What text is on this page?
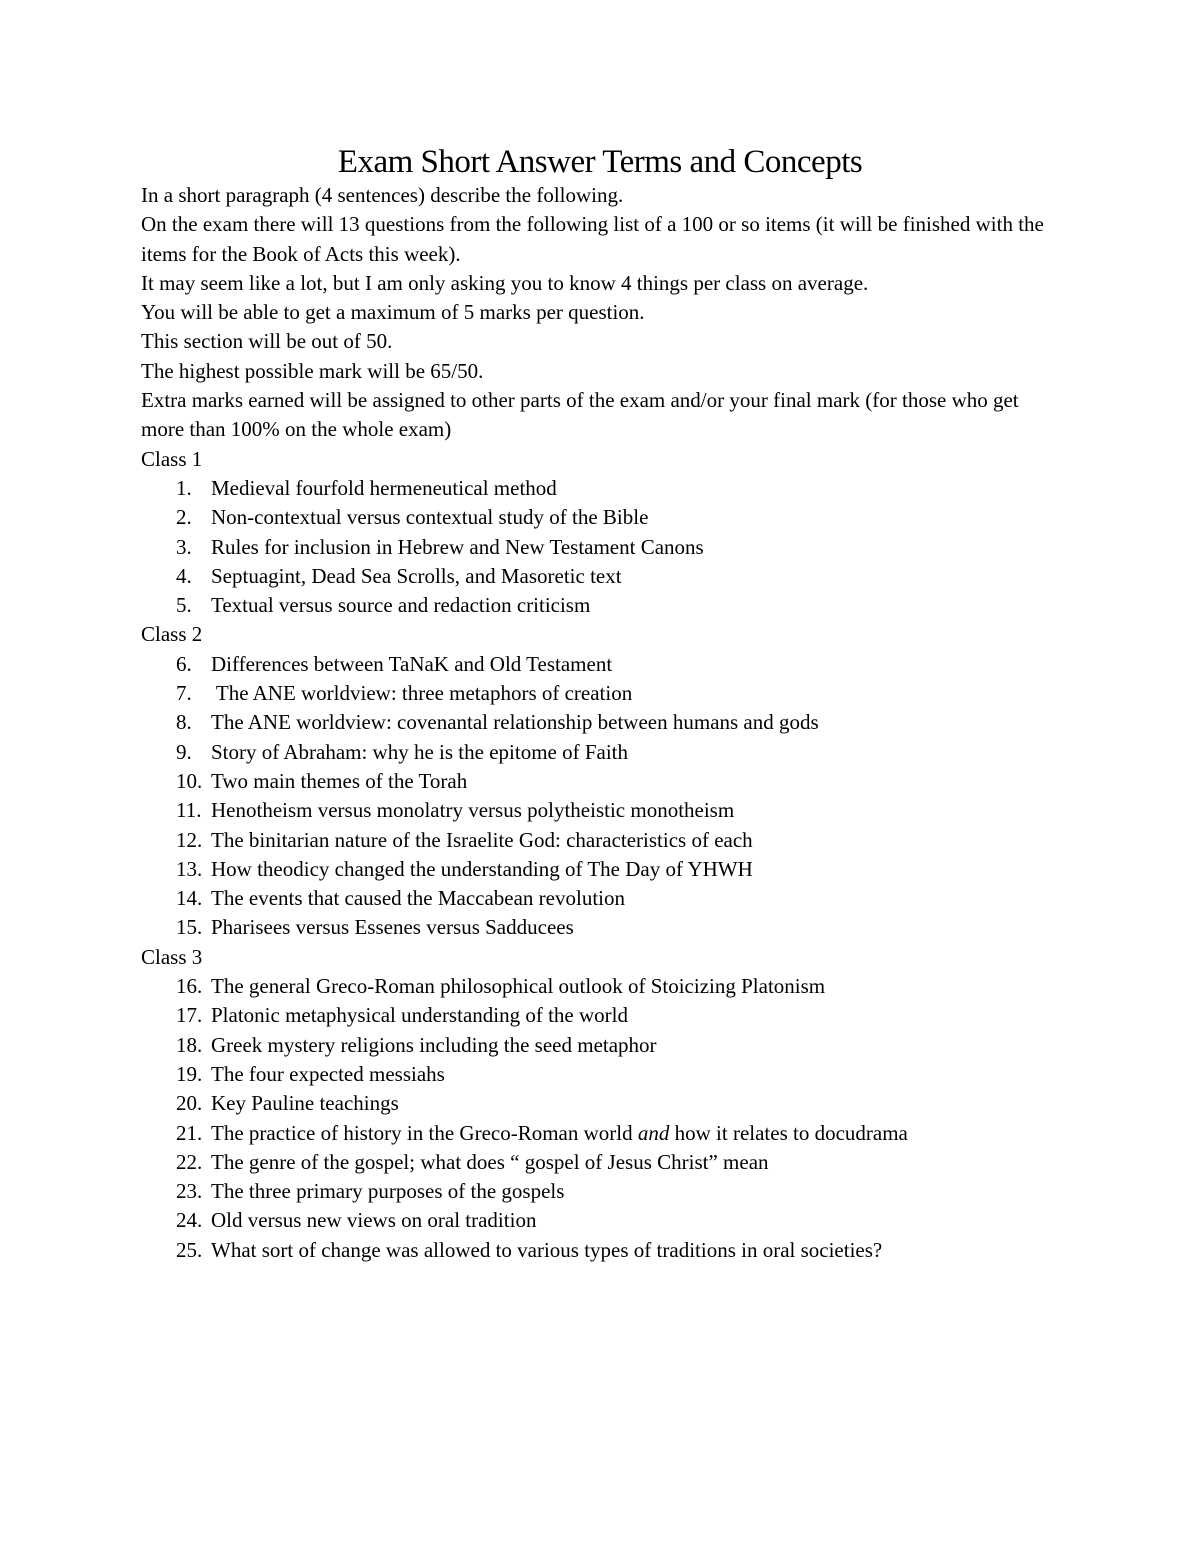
Exam Short Answer Terms and Concepts

In a short paragraph (4 sentences) describe the following.

On the exam there will 13 questions from the following list of a 100 or so items (it will be finished with the items for the Book of Acts this week).

It may seem like a lot, but I am only asking you to know 4 things per class on average.

You will be able to get a maximum of 5 marks per question.

This section will be out of 50.

The highest possible mark will be 65/50.

Extra marks earned will be assigned to other parts of the exam and/or your final mark (for those who get more than 100% on the whole exam)

Class 1

1. Medieval fourfold hermeneutical method
2. Non-contextual versus contextual study of the Bible
3. Rules for inclusion in Hebrew and New Testament Canons
4. Septuagint, Dead Sea Scrolls, and Masoretic text
5. Textual versus source and redaction criticism

Class 2

6. Differences between TaNaK and Old Testament
7. The ANE worldview: three metaphors of creation
8. The ANE worldview: covenantal relationship between humans and gods
9. Story of Abraham: why he is the epitome of Faith
10. Two main themes of the Torah
11. Henotheism versus monolatry versus polytheistic monotheism
12. The binitarian nature of the Israelite God: characteristics of each
13. How theodicy changed the understanding of The Day of YHWH
14. The events that caused the Maccabean revolution
15. Pharisees versus Essenes versus Sadducees

Class 3

16. The general Greco-Roman philosophical outlook of Stoicizing Platonism
17. Platonic metaphysical understanding of the world
18. Greek mystery religions including the seed metaphor
19. The four expected messiahs
20. Key Pauline teachings
21. The practice of history in the Greco-Roman world and how it relates to docudrama
22. The genre of the gospel; what does “ gospel of Jesus Christ” mean
23. The three primary purposes of the gospels
24. Old versus new views on oral tradition
25. What sort of change was allowed to various types of traditions in oral societies?
